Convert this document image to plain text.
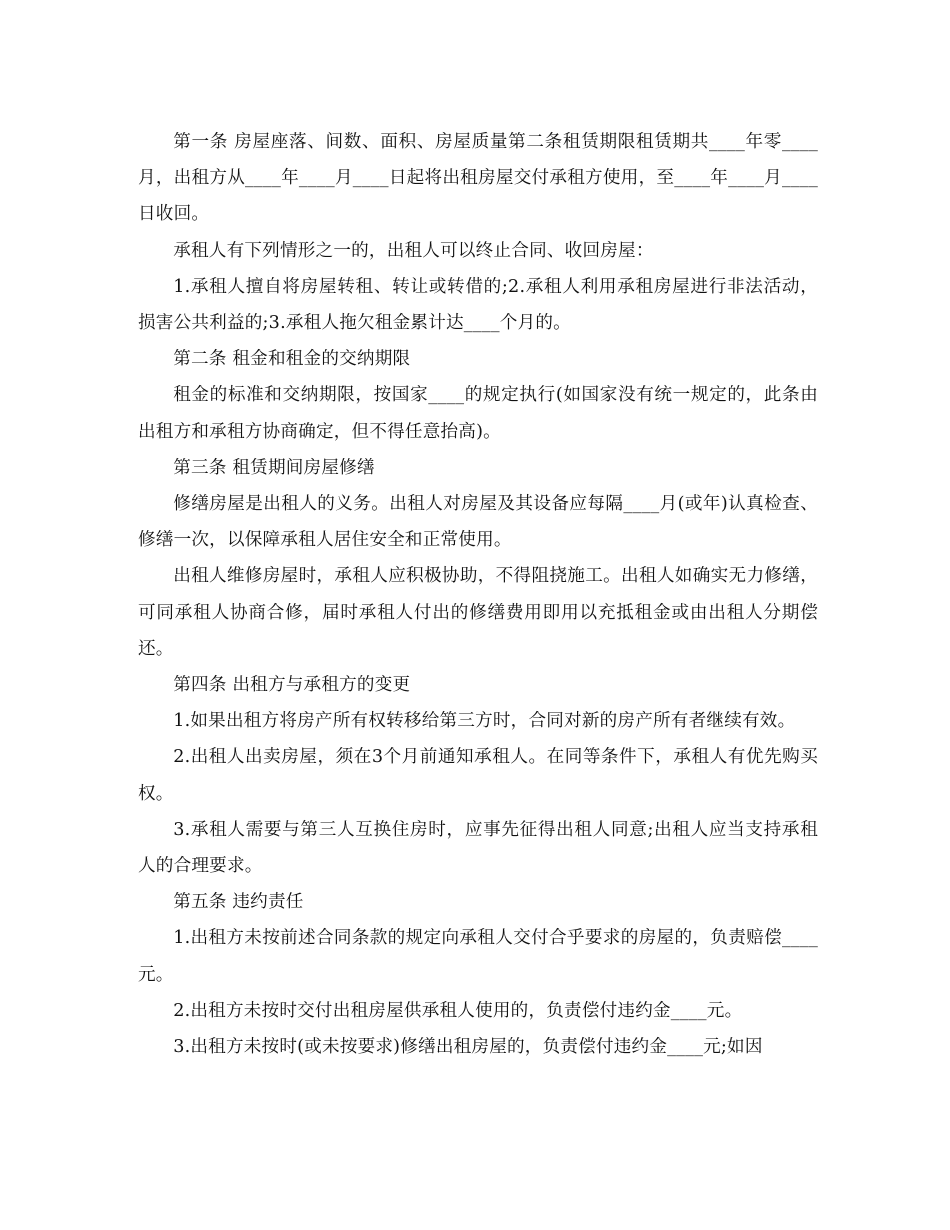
第一条 房屋座落、间数、面积、房屋质量第二条租赁期限租赁期共____年零____月，出租方从____年____月____日起将出租房屋交付承租方使用，至____年____月____日收回。

承租人有下列情形之一的，出租人可以终止合同、收回房屋：

1.承租人擅自将房屋转租、转让或转借的;2.承租人利用承租房屋进行非法活动，损害公共利益的;3.承租人拖欠租金累计达____个月的。

第二条 租金和租金的交纳期限

租金的标准和交纳期限，按国家____的规定执行(如国家没有统一规定的，此条由出租方和承租方协商确定，但不得任意抬高)。

第三条 租赁期间房屋修缮

修缮房屋是出租人的义务。出租人对房屋及其设备应每隔____月(或年)认真检查、修缮一次，以保障承租人居住安全和正常使用。

出租人维修房屋时，承租人应积极协助，不得阻挠施工。出租人如确实无力修缮，可同承租人协商合修，届时承租人付出的修缮费用即用以充抵租金或由出租人分期偿还。

第四条 出租方与承租方的变更

1.如果出租方将房产所有权转移给第三方时，合同对新的房产所有者继续有效。

2.出租人出卖房屋，须在3个月前通知承租人。在同等条件下，承租人有优先购买权。

3.承租人需要与第三人互换住房时，应事先征得出租人同意;出租人应当支持承租人的合理要求。

第五条 违约责任

1.出租方未按前述合同条款的规定向承租人交付合乎要求的房屋的，负责赔偿____元。

2.出租方未按时交付出租房屋供承租人使用的，负责偿付违约金____元。

3.出租方未按时(或未按要求)修缮出租房屋的，负责偿付违约金____元;如因
